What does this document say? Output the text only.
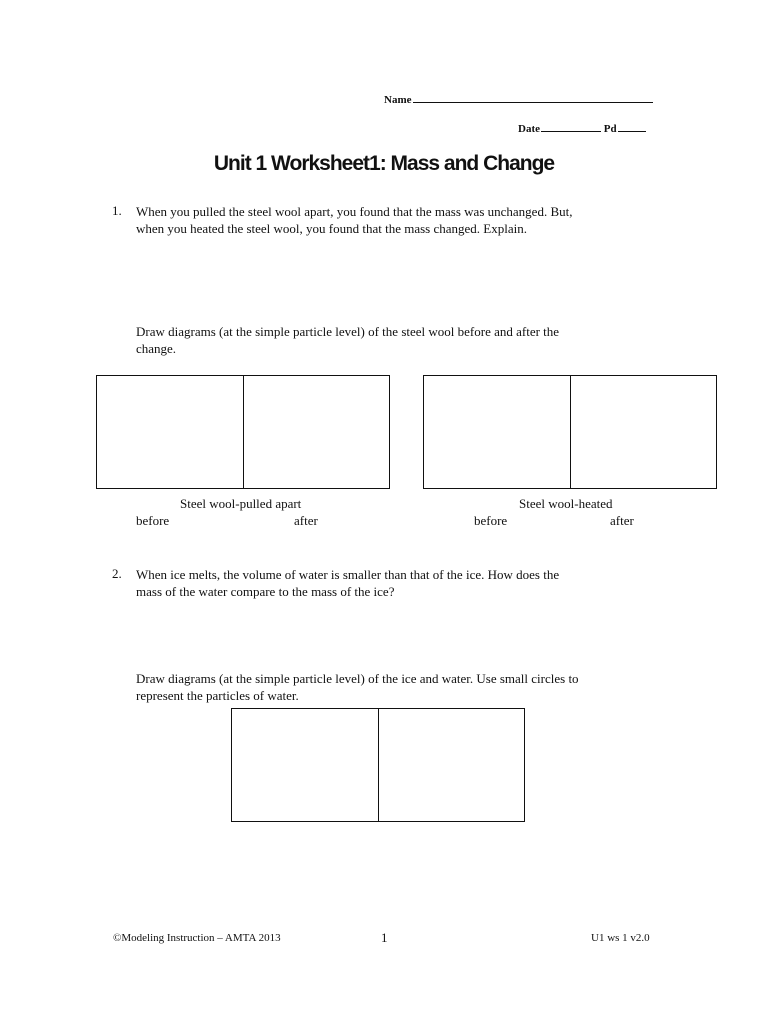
Name
Date	Pd
Unit 1 Worksheet1: Mass and Change
1. When you pulled the steel wool apart, you found that the mass was unchanged. But,
when you heated the steel wool, you found that the mass changed. Explain.
Draw diagrams (at the simple particle level) of the steel wool before and after the
change.
Steel wool-pulled apart
before	after
Steel wool-heated
before	after
2. When ice melts, the volume of water is smaller than that of the ice. How does the
mass of the water compare to the mass of the ice?
Draw diagrams (at the simple particle level) of the ice and water. Use small circles to
represent the particles of water.
©Modeling Instruction – AMTA 2013	1	U1 ws 1 v2.0
